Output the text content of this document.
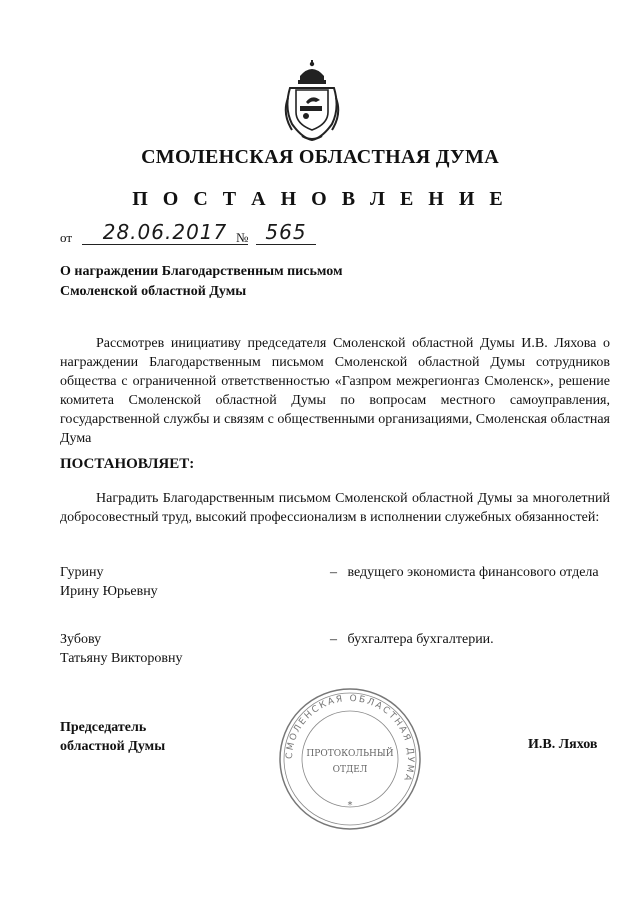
СМОЛЕНСКАЯ ОБЛАСТНАЯ ДУМА
П О С Т А Н О В Л Е Н И Е
от	28.06.2017 № 565
О награждении Благодарственным письмом Смоленской областной Думы
Рассмотрев инициативу председателя Смоленской областной Думы И.В. Ляхова о награждении Благодарственным письмом Смоленской областной Думы сотрудников общества с ограниченной ответственностью «Газпром межрегионгаз Смоленск», решение комитета Смоленской областной Думы по вопросам местного самоуправления, государственной службы и связям с общественными организациями, Смоленская областная Дума
ПОСТАНОВЛЯЕТ:
Наградить Благодарственным письмом Смоленской областной Думы за многолетний добросовестный труд, высокий профессионализм в исполнении служебных обязанностей:
Гурину
Ирину Юрьевну
– ведущего экономиста финансового отдела
Зубову
Татьяну Викторовну
– бухгалтера бухгалтерии.
Председатель
областной Думы
СМОЛЕНСКАЯ ОБЛАСТНАЯ ДУМА
ПРОТОКОЛЬНЫЙ
ОТДЕЛ
*
И.В. Ляхов
